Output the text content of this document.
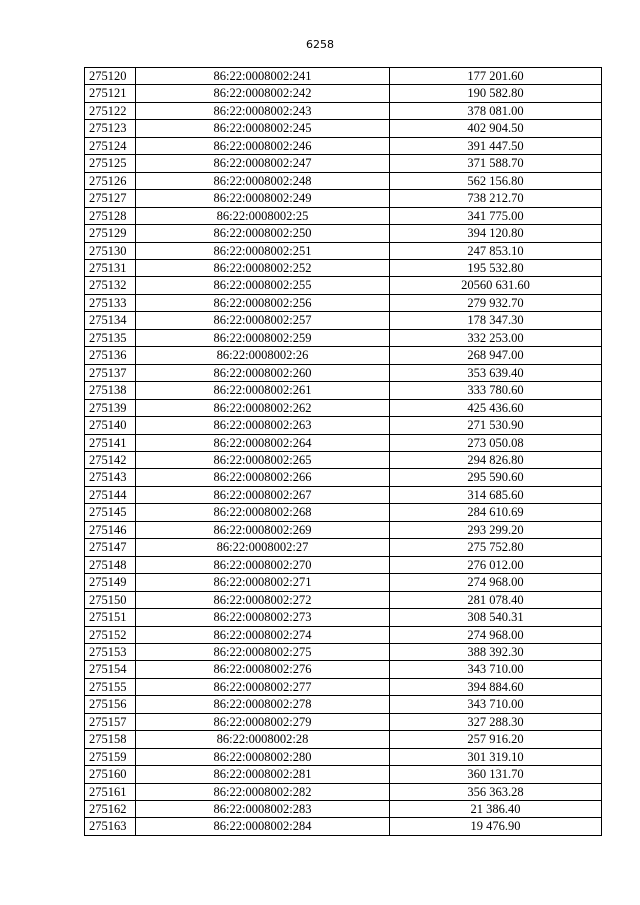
6258
275120	86:22:0008002:241	177 201.60
275121	86:22:0008002:242	190 582.80
275122	86:22:0008002:243	378 081.00
275123	86:22:0008002:245	402 904.50
275124	86:22:0008002:246	391 447.50
275125	86:22:0008002:247	371 588.70
275126	86:22:0008002:248	562 156.80
275127	86:22:0008002:249	738 212.70
275128	86:22:0008002:25	341 775.00
275129	86:22:0008002:250	394 120.80
275130	86:22:0008002:251	247 853.10
275131	86:22:0008002:252	195 532.80
275132	86:22:0008002:255	20560 631.60
275133	86:22:0008002:256	279 932.70
275134	86:22:0008002:257	178 347.30
275135	86:22:0008002:259	332 253.00
275136	86:22:0008002:26	268 947.00
275137	86:22:0008002:260	353 639.40
275138	86:22:0008002:261	333 780.60
275139	86:22:0008002:262	425 436.60
275140	86:22:0008002:263	271 530.90
275141	86:22:0008002:264	273 050.08
275142	86:22:0008002:265	294 826.80
275143	86:22:0008002:266	295 590.60
275144	86:22:0008002:267	314 685.60
275145	86:22:0008002:268	284 610.69
275146	86:22:0008002:269	293 299.20
275147	86:22:0008002:27	275 752.80
275148	86:22:0008002:270	276 012.00
275149	86:22:0008002:271	274 968.00
275150	86:22:0008002:272	281 078.40
275151	86:22:0008002:273	308 540.31
275152	86:22:0008002:274	274 968.00
275153	86:22:0008002:275	388 392.30
275154	86:22:0008002:276	343 710.00
275155	86:22:0008002:277	394 884.60
275156	86:22:0008002:278	343 710.00
275157	86:22:0008002:279	327 288.30
275158	86:22:0008002:28	257 916.20
275159	86:22:0008002:280	301 319.10
275160	86:22:0008002:281	360 131.70
275161	86:22:0008002:282	356 363.28
275162	86:22:0008002:283	21 386.40
275163	86:22:0008002:284	19 476.90
